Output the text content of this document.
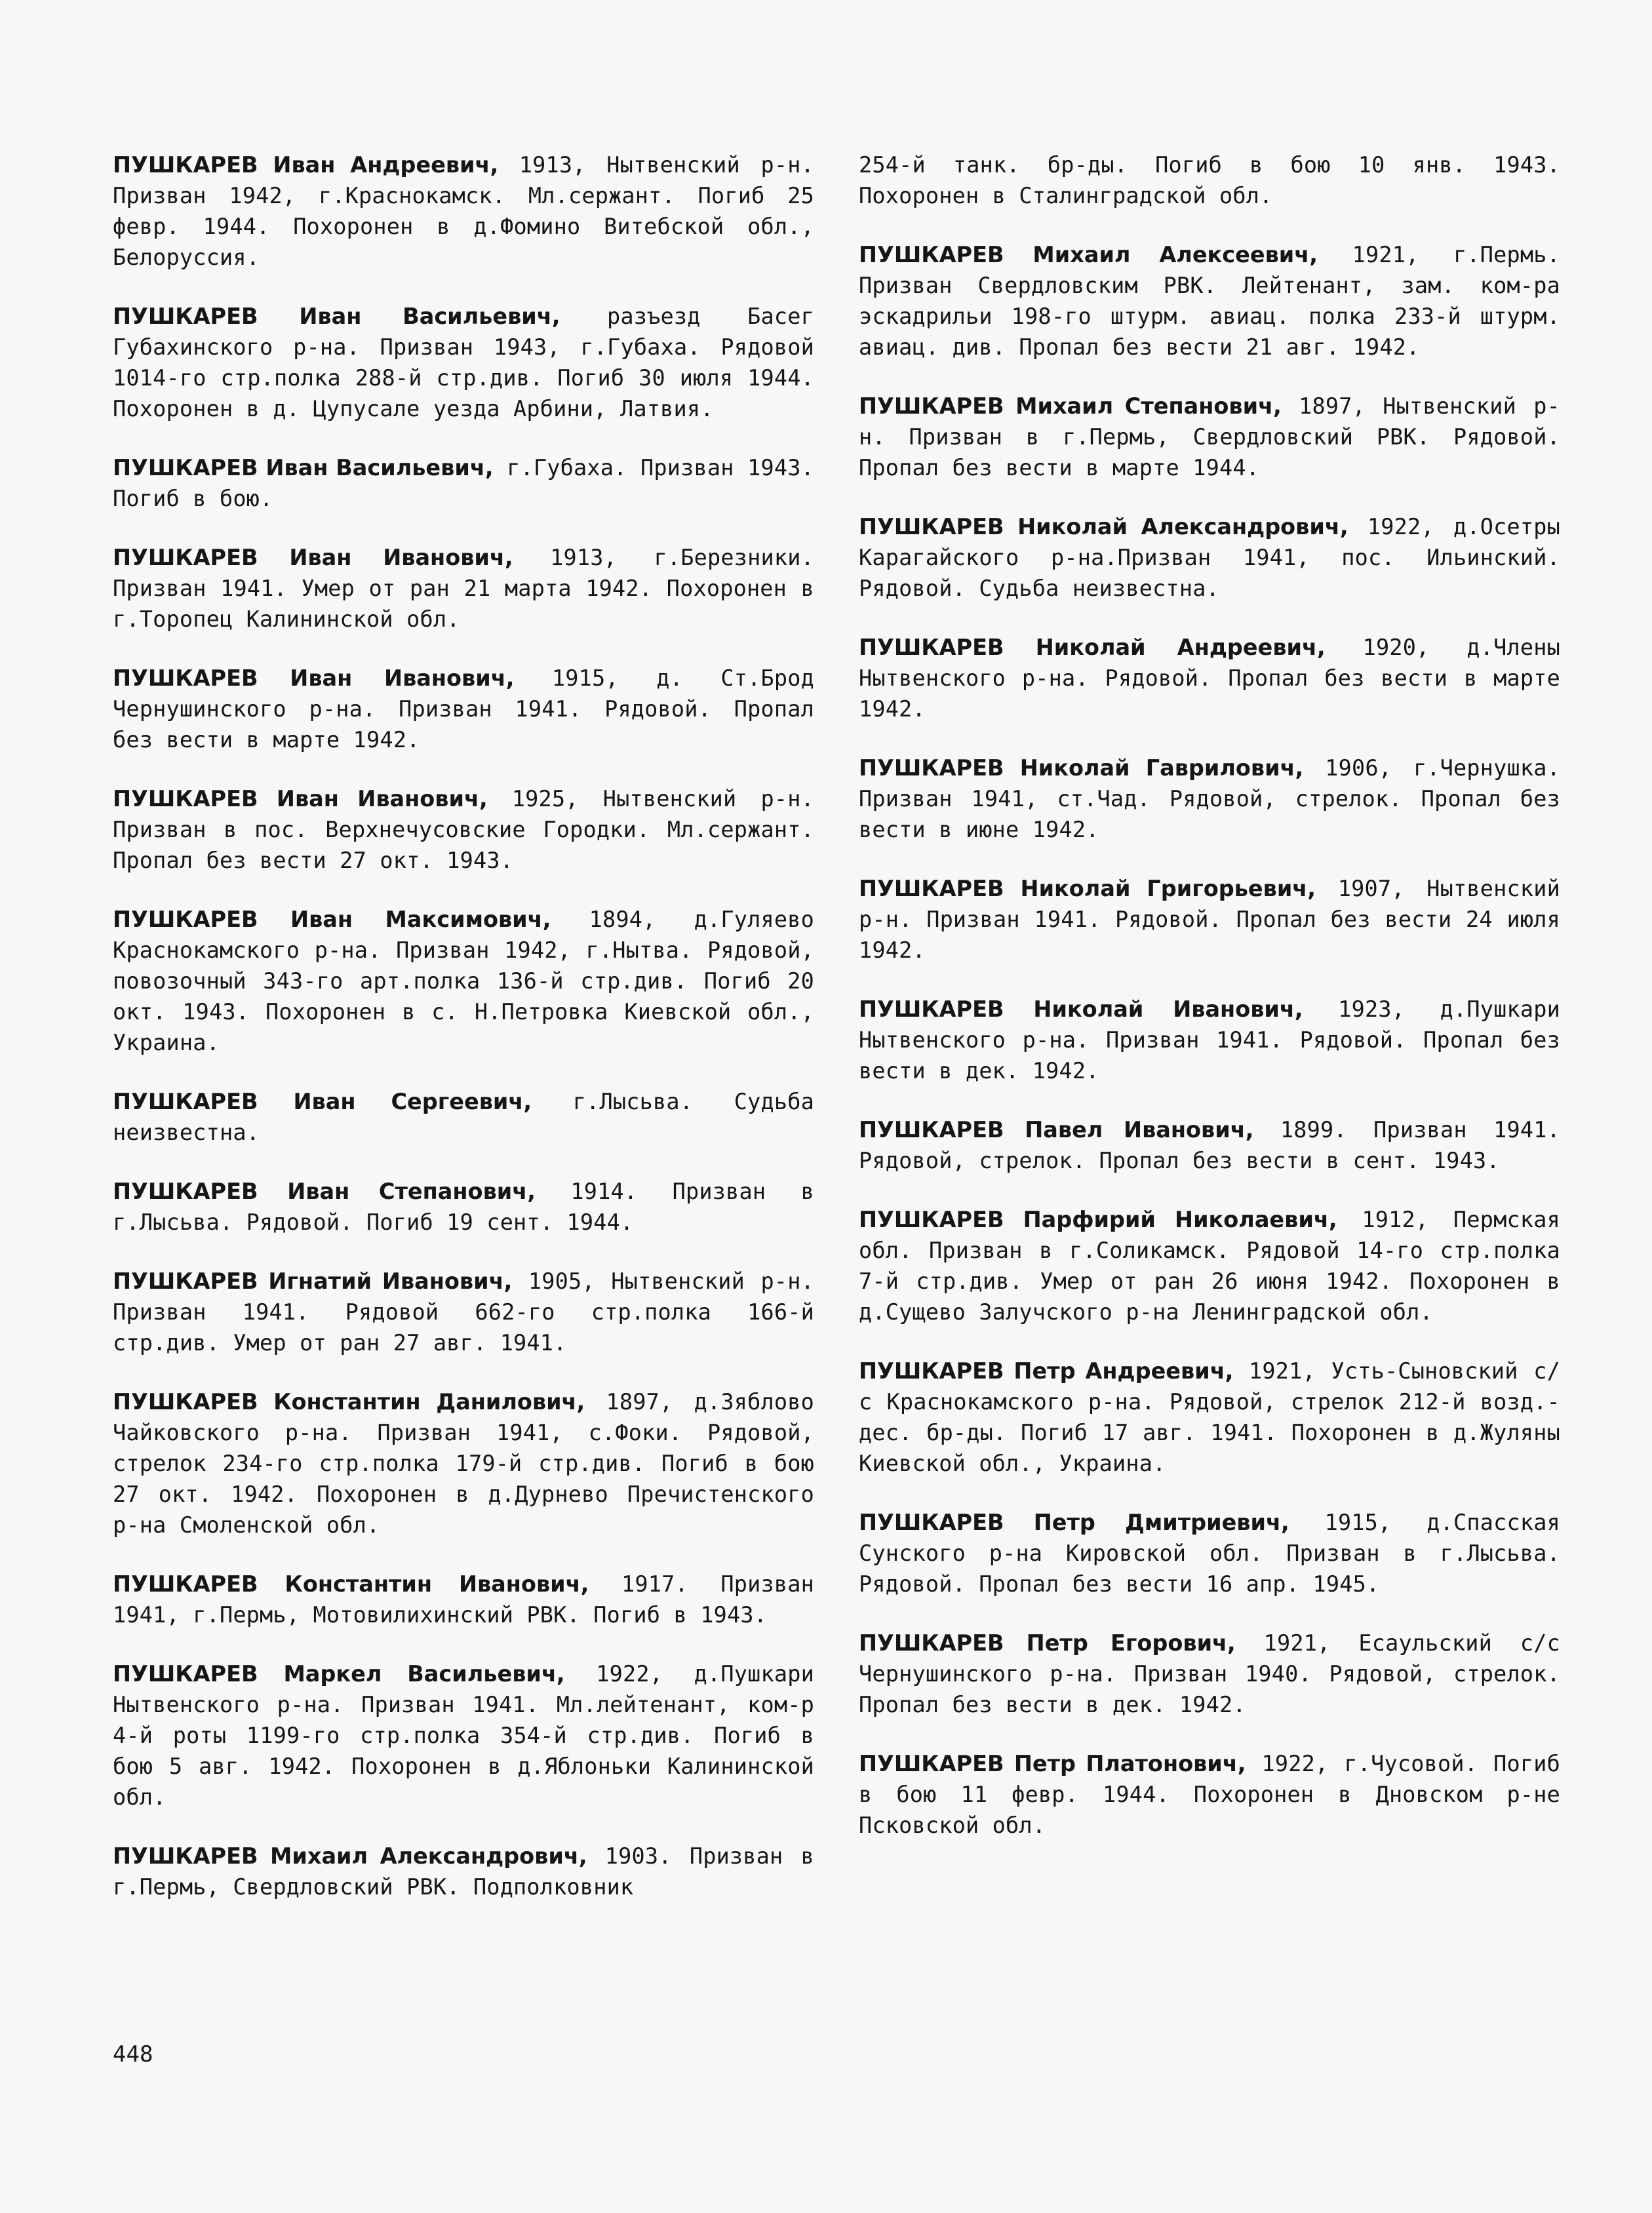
ПУШКАРЕВ Иван Андреевич, 1913, Нытвенский р-н. Призван 1942, г.Краснокамск. Мл.сержант. Погиб 25 февр. 1944. Похоронен в д.Фомино Витебской обл., Белоруссия.

ПУШКАРЕВ Иван Васильевич, разъезд Басег Губахинского р-на. Призван 1943, г.Губаха. Рядовой 1014-го стр.полка 288-й стр.див. Погиб 30 июля 1944. Похоронен в д. Цупусале уезда Арбини, Латвия.

ПУШКАРЕВ Иван Васильевич, г.Губаха. Призван 1943. Погиб в бою.

ПУШКАРЕВ Иван Иванович, 1913, г.Березники. Призван 1941. Умер от ран 21 марта 1942. Похоронен в г.Торопец Калининской обл.

ПУШКАРЕВ Иван Иванович, 1915, д. Ст.Брод Чернушинского р-на. Призван 1941. Рядовой. Пропал без вести в марте 1942.

ПУШКАРЕВ Иван Иванович, 1925, Нытвенский р-н. Призван в пос. Верхнечусовские Городки. Мл.сержант. Пропал без вести 27 окт. 1943.

ПУШКАРЕВ Иван Максимович, 1894, д.Гуляево Краснокамского р-на. Призван 1942, г.Нытва. Рядовой, повозочный 343-го арт.полка 136-й стр.див. Погиб 20 окт. 1943. Похоронен в с. Н.Петровка Киевской обл., Украина.

ПУШКАРЕВ Иван Сергеевич, г.Лысьва. Судьба неизвестна.

ПУШКАРЕВ Иван Степанович, 1914. Призван в г.Лысьва. Рядовой. Погиб 19 сент. 1944.

ПУШКАРЕВ Игнатий Иванович, 1905, Нытвенский р-н. Призван 1941. Рядовой 662-го стр.полка 166-й стр.див. Умер от ран 27 авг. 1941.

ПУШКАРЕВ Константин Данилович, 1897, д.Зяблово Чайковского р-на. Призван 1941, с.Фоки. Рядовой, стрелок 234-го стр.полка 179-й стр.див. Погиб в бою 27 окт. 1942. Похоронен в д.Дурнево Пречистенского р-на Смоленской обл.

ПУШКАРЕВ Константин Иванович, 1917. Призван 1941, г.Пермь, Мотовилихинский РВК. Погиб в 1943.

ПУШКАРЕВ Маркел Васильевич, 1922, д.Пушкари Нытвенского р-на. Призван 1941. Мл.лейтенант, ком-р 4-й роты 1199-го стр.полка 354-й стр.див. Погиб в бою 5 авг. 1942. Похоронен в д.Яблоньки Калининской обл.

ПУШКАРЕВ Михаил Александрович, 1903. Призван в г.Пермь, Свердловский РВК. Подполковник

254-й танк. бр-ды. Погиб в бою 10 янв. 1943. Похоронен в Сталинградской обл.

ПУШКАРЕВ Михаил Алексеевич, 1921, г.Пермь. Призван Свердловским РВК. Лейтенант, зам. ком-ра эскадрильи 198-го штурм. авиац. полка 233-й штурм. авиац. див. Пропал без вести 21 авг. 1942.

ПУШКАРЕВ Михаил Степанович, 1897, Нытвенский р-н. Призван в г.Пермь, Свердловский РВК. Рядовой. Пропал без вести в марте 1944.

ПУШКАРЕВ Николай Александрович, 1922, д.Осетры Карагайского р-на.Призван 1941, пос. Ильинский. Рядовой. Судьба неизвестна.

ПУШКАРЕВ Николай Андреевич, 1920, д.Члены Нытвенского р-на. Рядовой. Пропал без вести в марте 1942.

ПУШКАРЕВ Николай Гаврилович, 1906, г.Чернушка. Призван 1941, ст.Чад. Рядовой, стрелок. Пропал без вести в июне 1942.

ПУШКАРЕВ Николай Григорьевич, 1907, Нытвенский р-н. Призван 1941. Рядовой. Пропал без вести 24 июля 1942.

ПУШКАРЕВ Николай Иванович, 1923, д.Пушкари Нытвенского р-на. Призван 1941. Рядовой. Пропал без вести в дек. 1942.

ПУШКАРЕВ Павел Иванович, 1899. Призван 1941. Рядовой, стрелок. Пропал без вести в сент. 1943.

ПУШКАРЕВ Парфирий Николаевич, 1912, Пермская обл. Призван в г.Соликамск. Рядовой 14-го стр.полка 7-й стр.див. Умер от ран 26 июня 1942. Похоронен в д.Сущево Залучского р-на Ленинградской обл.

ПУШКАРЕВ Петр Андреевич, 1921, Усть-Сыновский с/с Краснокамского р-на. Рядовой, стрелок 212-й возд.-дес. бр-ды. Погиб 17 авг. 1941. Похоронен в д.Жуляны Киевской обл., Украина.

ПУШКАРЕВ Петр Дмитриевич, 1915, д.Спасская Сунского р-на Кировской обл. Призван в г.Лысьва. Рядовой. Пропал без вести 16 апр. 1945.

ПУШКАРЕВ Петр Егорович, 1921, Есаульский с/с Чернушинского р-на. Призван 1940. Рядовой, стрелок. Пропал без вести в дек. 1942.

ПУШКАРЕВ Петр Платонович, 1922, г.Чусовой. Погиб в бою 11 февр. 1944. Похоронен в Дновском р-не Псковской обл.

448
